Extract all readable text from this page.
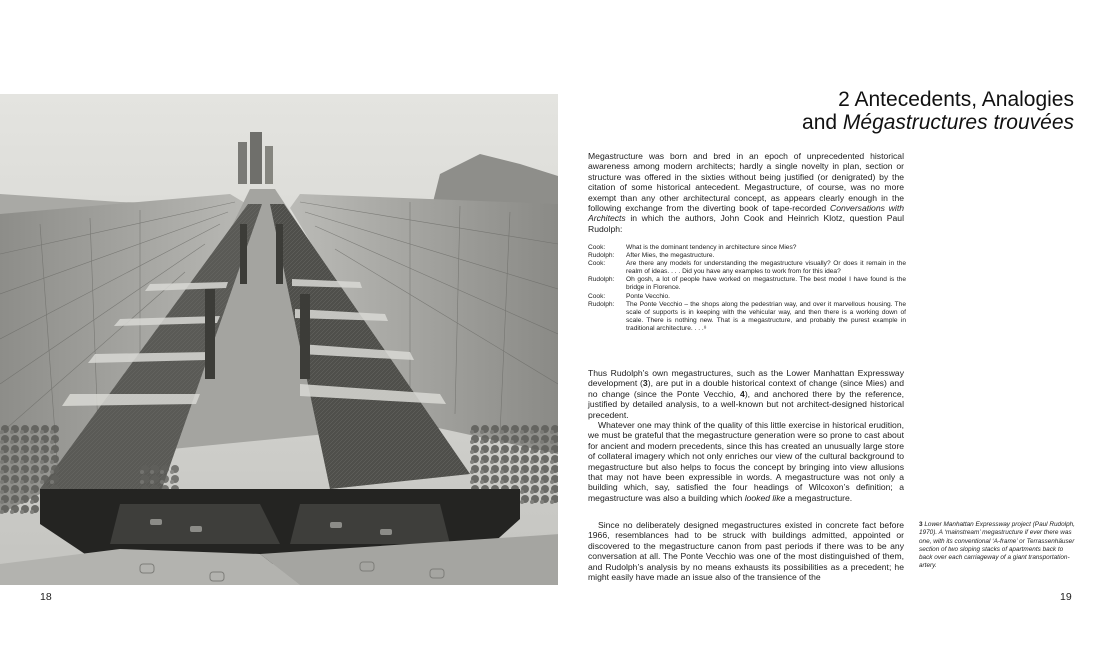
18
2 Antecedents, Analogies
and Mégastructures trouvées

Megastructure was born and bred in an epoch of unprecedented historical awareness among modern architects; hardly a single novelty in plan, section or structure was offered in the sixties without being justified (or denigrated) by the citation of some historical antecedent. Megastructure, of course, was no more exempt than any other architectural concept, as appears clearly enough in the following exchange from the diverting book of tape-recorded Conversations with Architects in which the authors, John Cook and Heinrich Klotz, question Paul Rudolph:

Cook:	What is the dominant tendency in architecture since Mies?
Rudolph:	After Mies, the megastructure.
Cook:	Are there any models for understanding the megastructure visually? Or does it remain in the realm of ideas. . . . Did you have any examples to work from for this idea?
Rudolph:	Oh gosh, a lot of people have worked on megastructure. The best model I have found is the bridge in Florence.
Cook:	Ponte Vecchio.
Rudolph:	The Ponte Vecchio – the shops along the pedestrian way, and over it marvellous housing. The scale of supports is in keeping with the vehicular way, and then there is a working down of scale. There is nothing new. That is a megastructure, and probably the purest example in traditional architecture. . . .⁸

Thus Rudolph’s own megastructures, such as the Lower Manhattan Expressway development (3), are put in a double historical context of change (since Mies) and no change (since the Ponte Vecchio, 4), and anchored there by the reference, justified by detailed analysis, to a well-known but not architect-designed historical precedent.

Whatever one may think of the quality of this little exercise in historical erudition, we must be grateful that the megastructure generation were so prone to cast about for ancient and modern precedents, since this has created an unusually large store of collateral imagery which not only enriches our view of the cultural background to megastructure but also helps to focus the concept by bringing into view allusions that may not have been expressible in words. A megastructure was not only a building which, say, satisfied the four headings of Wilcoxon’s definition; a megastructure was also a building which looked like a megastructure.

Since no deliberately designed megastructures existed in concrete fact before 1966, resemblances had to be struck with buildings admitted, appointed or discovered to the megastructure canon from past periods if there was to be any conversation at all. The Ponte Vecchio was one of the most distinguished of them, and Rudolph’s analysis by no means exhausts its possibilities as a precedent; he might easily have made an issue also of the transience of the

3 Lower Manhattan Expressway project (Paul Rudolph, 1970). A ‘mainstream’ megastructure if ever there was one, with its conventional ‘A-frame’ or Terrassenhäuser section of two sloping stacks of apartments back to back over each carriageway of a giant transportation-artery.
19
